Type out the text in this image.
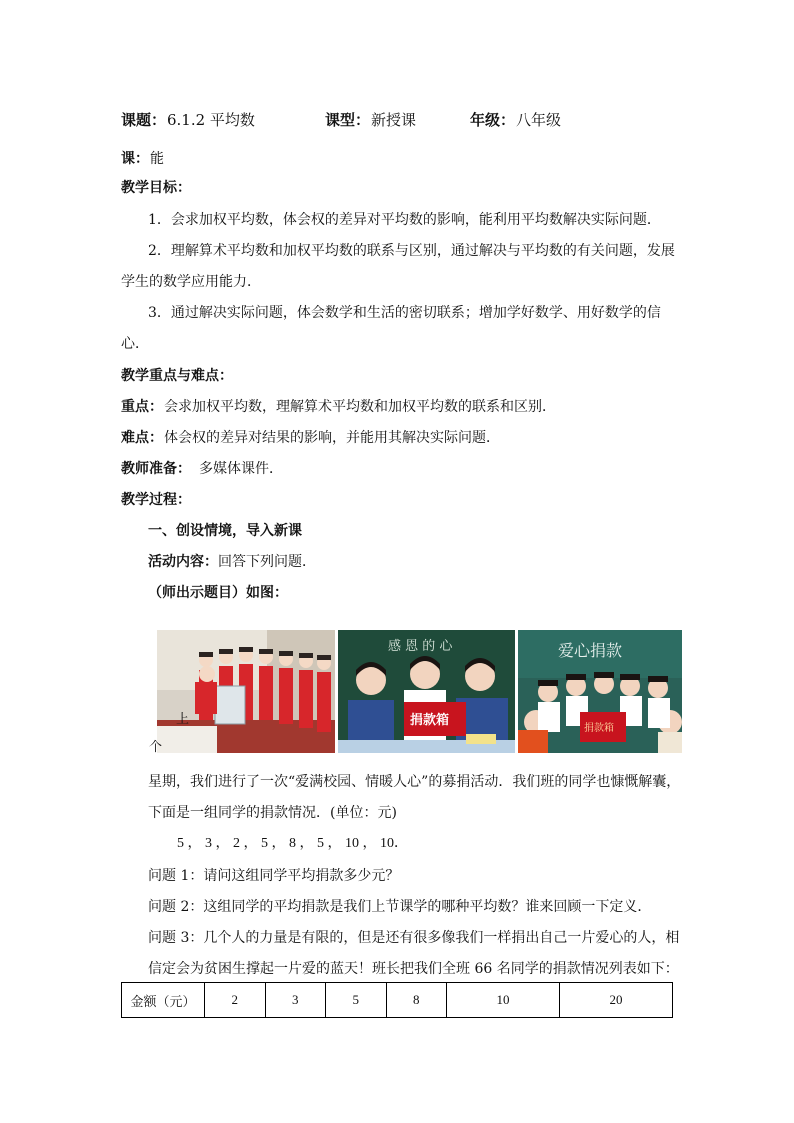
课题： 6.1.2 平均数	课型： 新授课	年级： 八年级
课： 能
教学目标：
1．会求加权平均数，体会权的差异对平均数的影响，能利用平均数解决实际问题．
2．理解算术平均数和加权平均数的联系与区别，通过解决与平均数的有关问题，发展
学生的数学应用能力．
3．通过解决实际问题，体会数学和生活的密切联系；增加学好数学、用好数学的信
心．
教学重点与难点：
重点： 会求加权平均数，理解算术平均数和加权平均数的联系和区别．
难点： 体会权的差异对结果的影响，并能用其解决实际问题．
教师准备： 多媒体课件．
教学过程：
一、创设情境，导入新课
活动内容： 回答下列问题．
（师出示题目）如图：
上
个
感 恩 的 心
捐款箱
爱心捐款
捐款箱
星期，我们进行了一次“爱满校园、情暖人心”的募捐活动．我们班的同学也慷慨解囊，
下面是一组同学的捐款情况．(单位：元)
5 ， 3 ， 2 ， 5 ， 8 ， 5 ， 10 ， 10．
问题 1：请问这组同学平均捐款多少元？
问题 2：这组同学的平均捐款是我们上节课学的哪种平均数？谁来回顾一下定义．
问题 3：几个人的力量是有限的，但是还有很多像我们一样捐出自己一片爱心的人，相
信定会为贫困生撑起一片爱的蓝天！班长把我们全班 66 名同学的捐款情况列表如下：
金额（元）	2	3	5	8	10	20
